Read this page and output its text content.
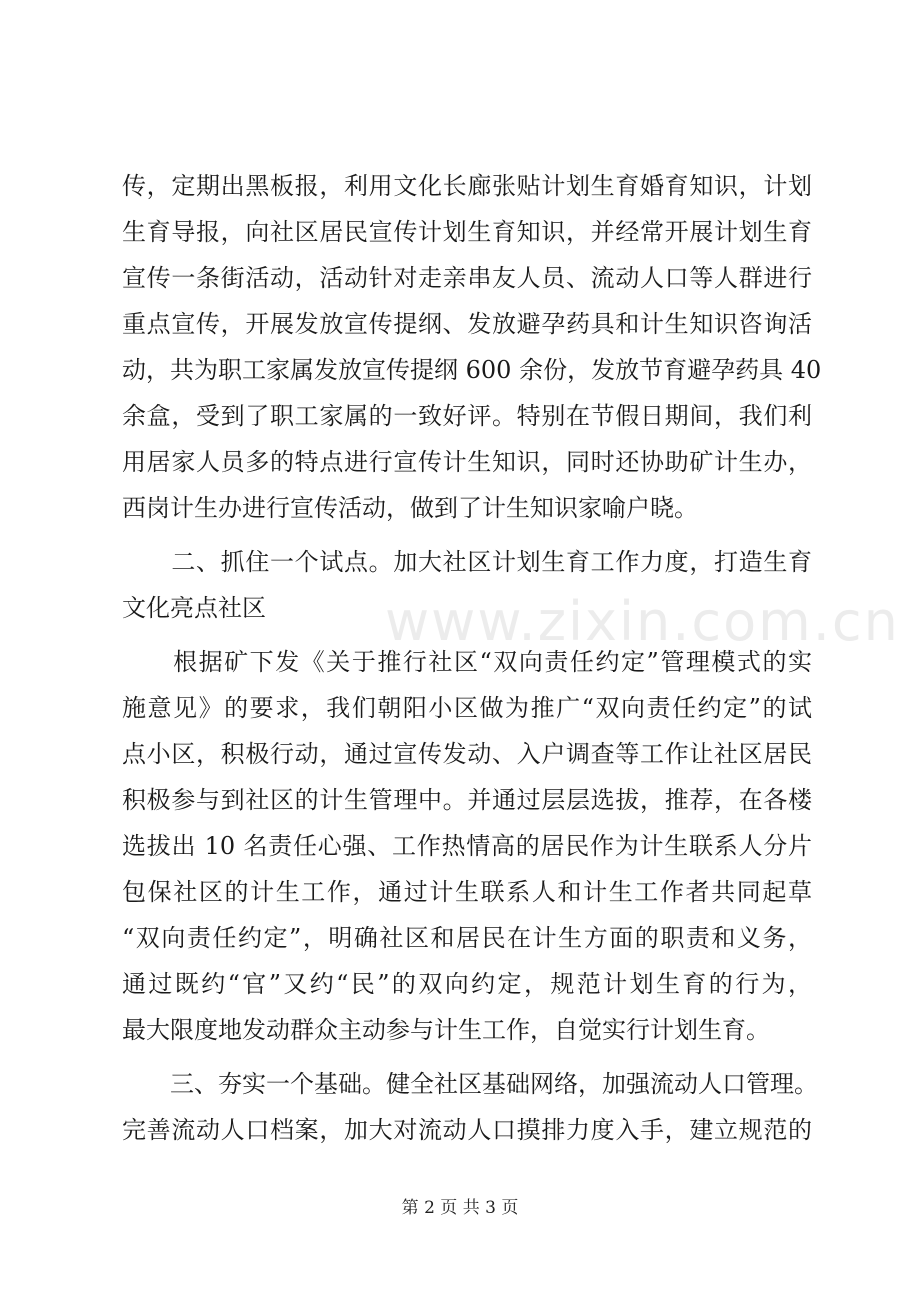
传，定期出黑板报，利用文化长廊张贴计划生育婚育知识，计划
生育导报，向社区居民宣传计划生育知识，并经常开展计划生育
宣传一条街活动，活动针对走亲串友人员、流动人口等人群进行
重点宣传，开展发放宣传提纲、发放避孕药具和计生知识咨询活
动，共为职工家属发放宣传提纲 600 余份，发放节育避孕药具 40
余盒，受到了职工家属的一致好评。特别在节假日期间，我们利
用居家人员多的特点进行宣传计生知识，同时还协助矿计生办，
西岗计生办进行宣传活动，做到了计生知识家喻户晓。
　　二、抓住一个试点。加大社区计划生育工作力度，打造生育
文化亮点社区
　　根据矿下发《关于推行社区“双向责任约定”管理模式的实
施意见》的要求，我们朝阳小区做为推广“双向责任约定”的试
点小区，积极行动，通过宣传发动、入户调查等工作让社区居民
积极参与到社区的计生管理中。并通过层层选拔，推荐，在各楼
选拔出 10 名责任心强、工作热情高的居民作为计生联系人分片
包保社区的计生工作，通过计生联系人和计生工作者共同起草
“双向责任约定”，明确社区和居民在计生方面的职责和义务，
通过既约“官”又约“民”的双向约定，规范计划生育的行为，
最大限度地发动群众主动参与计生工作，自觉实行计划生育。
　　三、夯实一个基础。健全社区基础网络，加强流动人口管理。
完善流动人口档案，加大对流动人口摸排力度入手，建立规范的
www.zixin.com.cn
第 2 页 共 3 页
